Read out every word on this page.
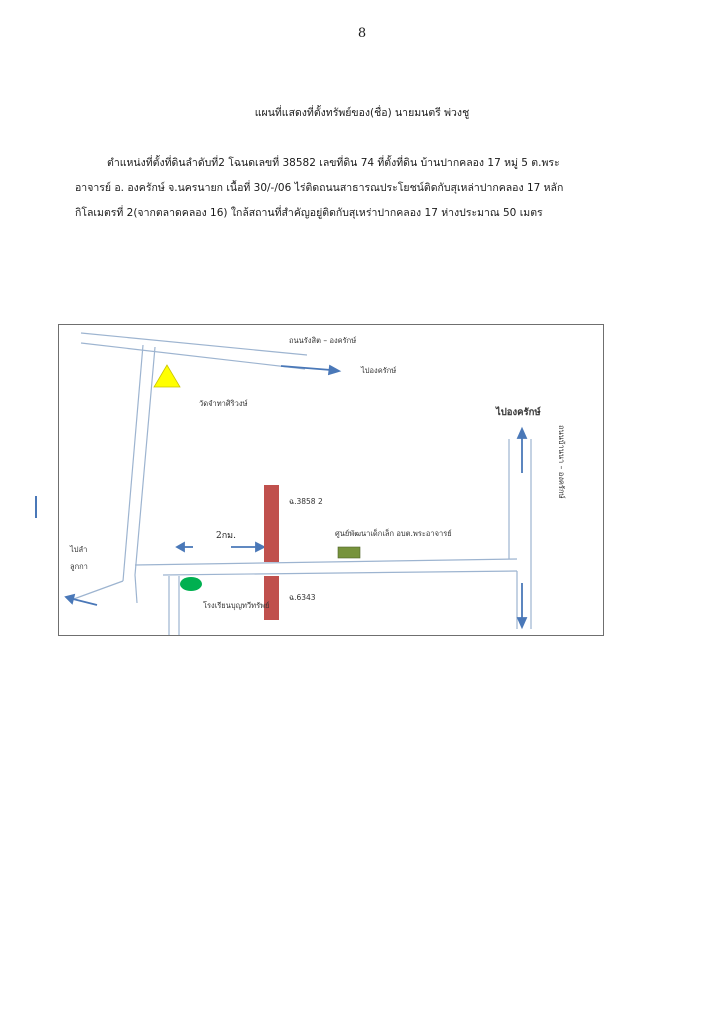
8
แผนที่แสดงที่ตั้งทรัพย์ของ(ชื่อ) นายมนตรี พ่วงชู
ตำแหน่งที่ตั้งที่ดินลำดับที่2 โฉนดเลขที่ 38582 เลขที่ดิน 74 ที่ตั้งที่ดิน บ้านปากคลอง 17 หมู่ 5 ต.พระ
อาจารย์ อ. องครักษ์ จ.นครนายก เนื้อที่ 30/-/06 ไร่ติดถนนสาธารณประโยชน์ติดกับสุเหล่าปากคลอง 17 หลัก
กิโลเมตรที่ 2(จากตลาดคลอง 16) ใกล้สถานที่สำคัญอยู่ติดกับสุเหร่าปากคลอง 17 ห่างประมาณ 50 เมตร
ถนนรังสิต – องครักษ์
ไปองครักษ์
วัดจำทาศิริวงษ์
ไปองครักษ์
ถนนบ้านนา – องครักษ์
ฉ.3858 2
2กม.	ศูนย์พัฒนาเด็กเล็ก อบต.พระอาจารย์
ไปลำ
ลูกกา
โรงเรียนบุญทวีทรัพย์
ฉ.6343
